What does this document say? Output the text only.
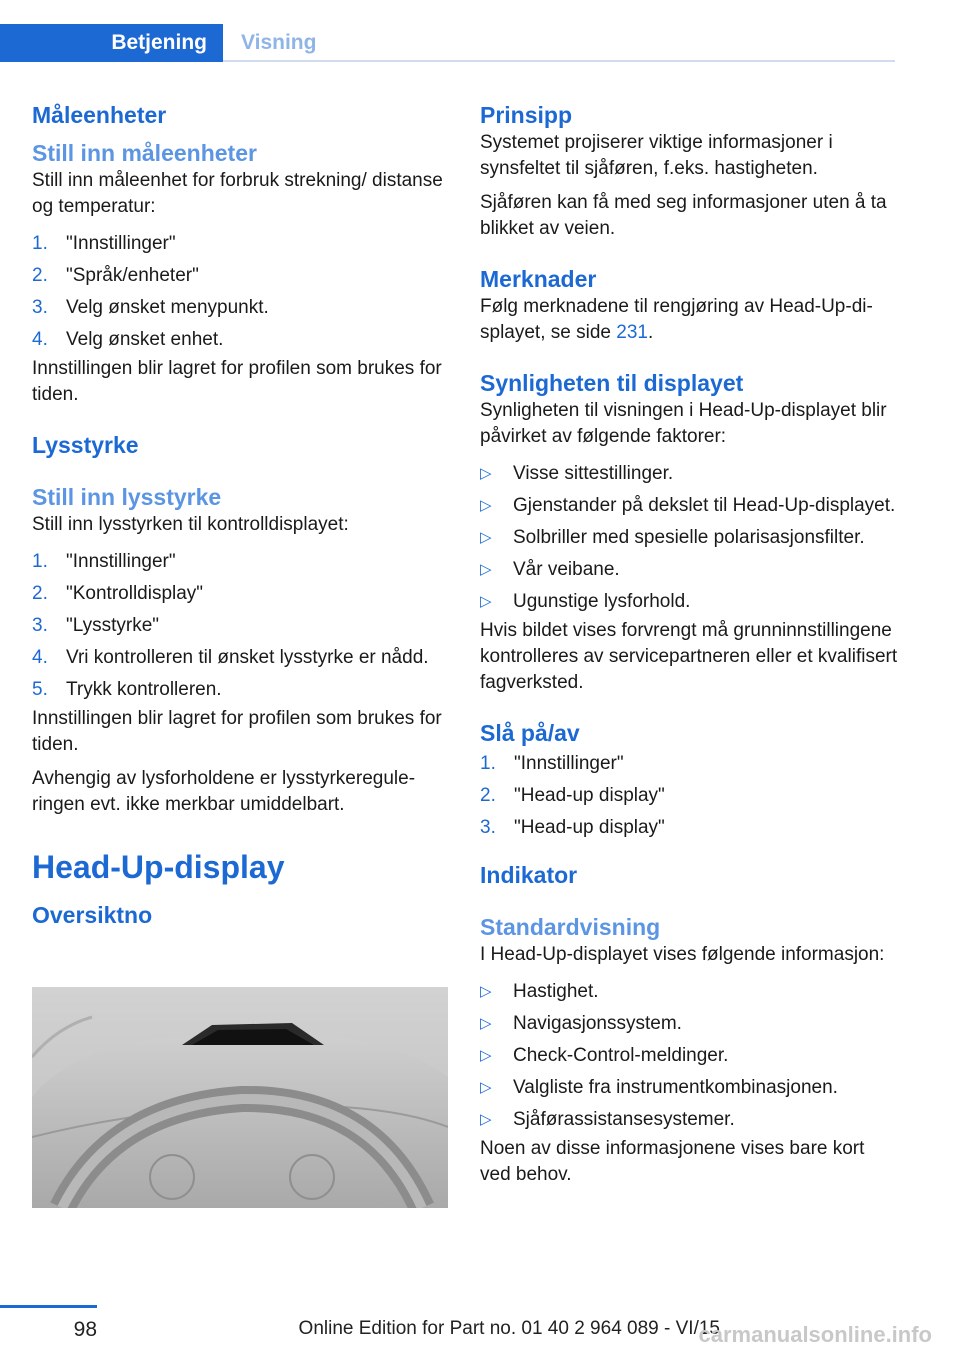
Betjening	Visning
Måleenheter
Still inn måleenheter

Still inn måleenhet for forbruk strekning/ distanse og temperatur:

1. "Innstillinger"
2. "Språk/enheter"
3. Velg ønsket menypunkt.
4. Velg ønsket enhet.

Innstillingen blir lagret for profilen som brukes for tiden.

Lysstyrke
Still inn lysstyrke

Still inn lysstyrken til kontrolldisplayet:

1. "Innstillinger"
2. "Kontrolldisplay"
3. "Lysstyrke"
4. Vri kontrolleren til ønsket lysstyrke er nådd.
5. Trykk kontrolleren.

Innstillingen blir lagret for profilen som brukes for tiden.

Avhengig av lysforholdene er lysstyrkereguleringen evt. ikke merkbar umiddelbart.

Head-Up-display
Oversiktno
Prinsipp

Systemet projiserer viktige informasjoner i synsfeltet til sjåføren, f.eks. hastigheten.

Sjåføren kan få med seg informasjoner uten å ta blikket av veien.

Merknader

Følg merknadene til rengjøring av Head-Up-displayet, se side 231.

Synligheten til displayet

Synligheten til visningen i Head-Up-displayet blir påvirket av følgende faktorer:

▷	Visse sittestillinger.
▷	Gjenstander på dekslet til Head-Up-displayet.
▷	Solbriller med spesielle polarisasjonsfilter.
▷	Vår veibane.
▷	Ugunstige lysforhold.

Hvis bildet vises forvrengt må grunninnstillingene kontrolleres av servicepartneren eller et kvalifisert fagverksted.

Slå på/av
1. "Innstillinger"
2. "Head-up display"
3. "Head-up display"
Indikator
Standardvisning

I Head-Up-displayet vises følgende informasjon:

▷	Hastighet.
▷	Navigasjonssystem.
▷	Check-Control-meldinger.
▷	Valgliste fra instrumentkombinasjonen.
▷	Sjåførassistansesystemer.

Noen av disse informasjonene vises bare kort ved behov.

98	Online Edition for Part no. 01 40 2 964 089 - VI/15
carmanualsonline.info
